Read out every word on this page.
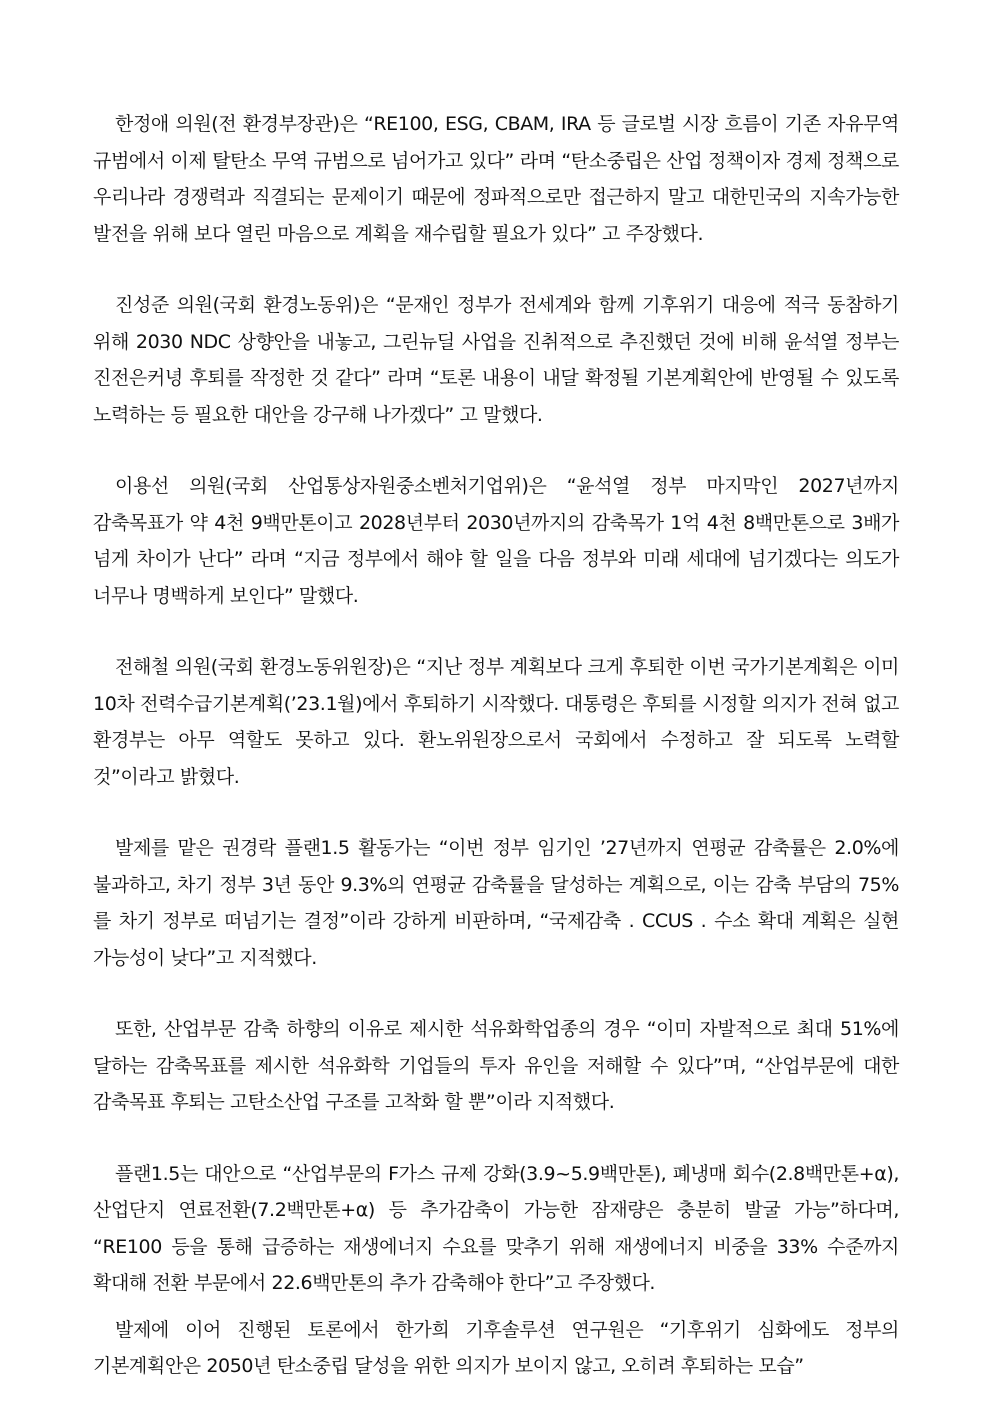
한정애 의원(전 환경부장관)은 “RE100, ESG, CBAM, IRA 등 글로벌 시장 흐름이 기존 자유무역 규범에서 이제 탈탄소 무역 규범으로 넘어가고 있다” 라며 “탄소중립은 산업 정책이자 경제 정책으로 우리나라 경쟁력과 직결되는 문제이기 때문에 정파적으로만 접근하지 말고 대한민국의 지속가능한 발전을 위해 보다 열린 마음으로 계획을 재수립할 필요가 있다” 고 주장했다.

진성준 의원(국회 환경노동위)은 “문재인 정부가 전세계와 함께 기후위기 대응에 적극 동참하기 위해 2030 NDC 상향안을 내놓고, 그린뉴딜 사업을 진취적으로 추진했던 것에 비해 윤석열 정부는 진전은커녕 후퇴를 작정한 것 같다” 라며 “토론 내용이 내달 확정될 기본계획안에 반영될 수 있도록 노력하는 등 필요한 대안을 강구해 나가겠다” 고 말했다.

이용선 의원(국회 산업통상자원중소벤처기업위)은 “윤석열 정부 마지막인 2027년까지 감축목표가 약 4천 9백만톤이고 2028년부터 2030년까지의 감축목가 1억 4천 8백만톤으로 3배가 넘게 차이가 난다” 라며 “지금 정부에서 해야 할 일을 다음 정부와 미래 세대에 넘기겠다는 의도가 너무나 명백하게 보인다” 말했다.

전해철 의원(국회 환경노동위원장)은 “지난 정부 계획보다 크게 후퇴한 이번 국가기본계획은 이미 10차 전력수급기본계획(’23.1월)에서 후퇴하기 시작했다. 대통령은 후퇴를 시정할 의지가 전혀 없고 환경부는 아무 역할도 못하고 있다. 환노위원장으로서 국회에서 수정하고 잘 되도록 노력할 것”이라고 밝혔다.

발제를 맡은 권경락 플랜1.5 활동가는 “이번 정부 임기인 ’27년까지 연평균 감축률은 2.0%에 불과하고, 차기 정부 3년 동안 9.3%의 연평균 감축률을 달성하는 계획으로, 이는 감축 부담의 75%를 차기 정부로 떠넘기는 결정”이라 강하게 비판하며, “국제감축 . CCUS . 수소 확대 계획은 실현 가능성이 낮다”고 지적했다.

또한, 산업부문 감축 하향의 이유로 제시한 석유화학업종의 경우 “이미 자발적으로 최대 51%에 달하는 감축목표를 제시한 석유화학 기업들의 투자 유인을 저해할 수 있다”며, “산업부문에 대한 감축목표 후퇴는 고탄소산업 구조를 고착화 할 뿐”이라 지적했다.

플랜1.5는 대안으로 “산업부문의 F가스 규제 강화(3.9~5.9백만톤), 폐냉매 회수(2.8백만톤+α), 산업단지 연료전환(7.2백만톤+α) 등 추가감축이 가능한 잠재량은 충분히 발굴 가능”하다며, “RE100 등을 통해 급증하는 재생에너지 수요를 맞추기 위해 재생에너지 비중을 33% 수준까지 확대해 전환 부문에서 22.6백만톤의 추가 감축해야 한다”고 주장했다.

발제에 이어 진행된 토론에서 한가희 기후솔루션 연구원은 “기후위기 심화에도 정부의 기본계획안은 2050년 탄소중립 달성을 위한 의지가 보이지 않고, 오히려 후퇴하는 모습”
